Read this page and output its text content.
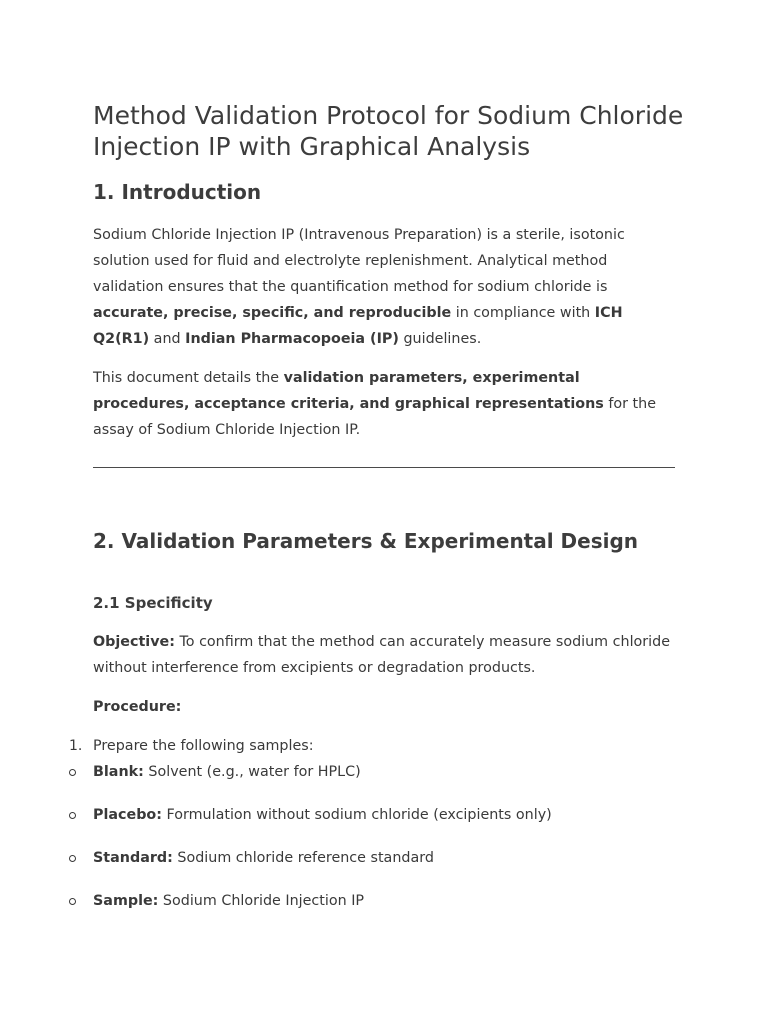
Method Validation Protocol for Sodium Chloride Injection IP with Graphical Analysis
1. Introduction

Sodium Chloride Injection IP (Intravenous Preparation) is a sterile, isotonic solution used for fluid and electrolyte replenishment. Analytical method validation ensures that the quantification method for sodium chloride is accurate, precise, specific, and reproducible in compliance with ICH Q2(R1) and Indian Pharmacopoeia (IP) guidelines.

This document details the validation parameters, experimental procedures, acceptance criteria, and graphical representations for the assay of Sodium Chloride Injection IP.

2. Validation Parameters & Experimental Design
2.1 Specificity

Objective: To confirm that the method can accurately measure sodium chloride without interference from excipients or degradation products.

Procedure:

1. Prepare the following samples:
Blank: Solvent (e.g., water for HPLC)
Placebo: Formulation without sodium chloride (excipients only)
Standard: Sodium chloride reference standard
Sample: Sodium Chloride Injection IP
